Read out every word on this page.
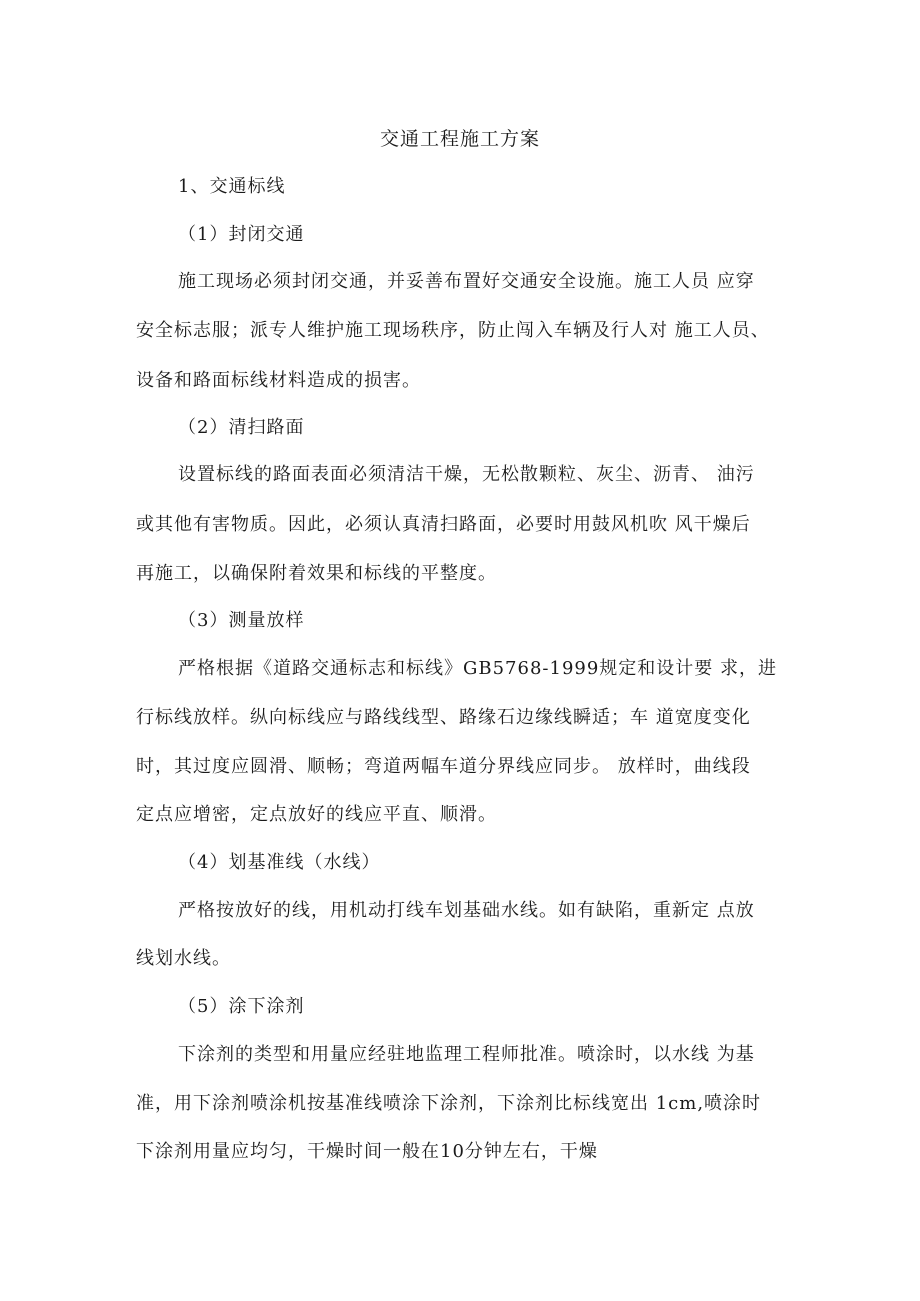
交通工程施工方案
1、交通标线
（1）封闭交通
施工现场必须封闭交通，并妥善布置好交通安全设施。施工人员 应穿
安全标志服；派专人维护施工现场秩序，防止闯入车辆及行人对 施工人员、
设备和路面标线材料造成的损害。
（2）清扫路面
设置标线的路面表面必须清洁干燥，无松散颗粒、灰尘、沥青、 油污
或其他有害物质。因此，必须认真清扫路面，必要时用鼓风机吹 风干燥后
再施工，以确保附着效果和标线的平整度。
（3）测量放样
严格根据《道路交通标志和标线》GB5768-1999规定和设计要 求，进
行标线放样。纵向标线应与路线线型、路缘石边缘线瞬适；车 道宽度变化
时，其过度应圆滑、顺畅；弯道两幅车道分界线应同步。 放样时，曲线段
定点应增密，定点放好的线应平直、顺滑。
（4）划基准线（水线）
严格按放好的线，用机动打线车划基础水线。如有缺陷，重新定 点放
线划水线。
（5）涂下涂剂
下涂剂的类型和用量应经驻地监理工程师批准。喷涂时，以水线 为基
准，用下涂剂喷涂机按基准线喷涂下涂剂，下涂剂比标线宽出 1cm,喷涂时
下涂剂用量应均匀，干燥时间一般在10分钟左右，干燥
